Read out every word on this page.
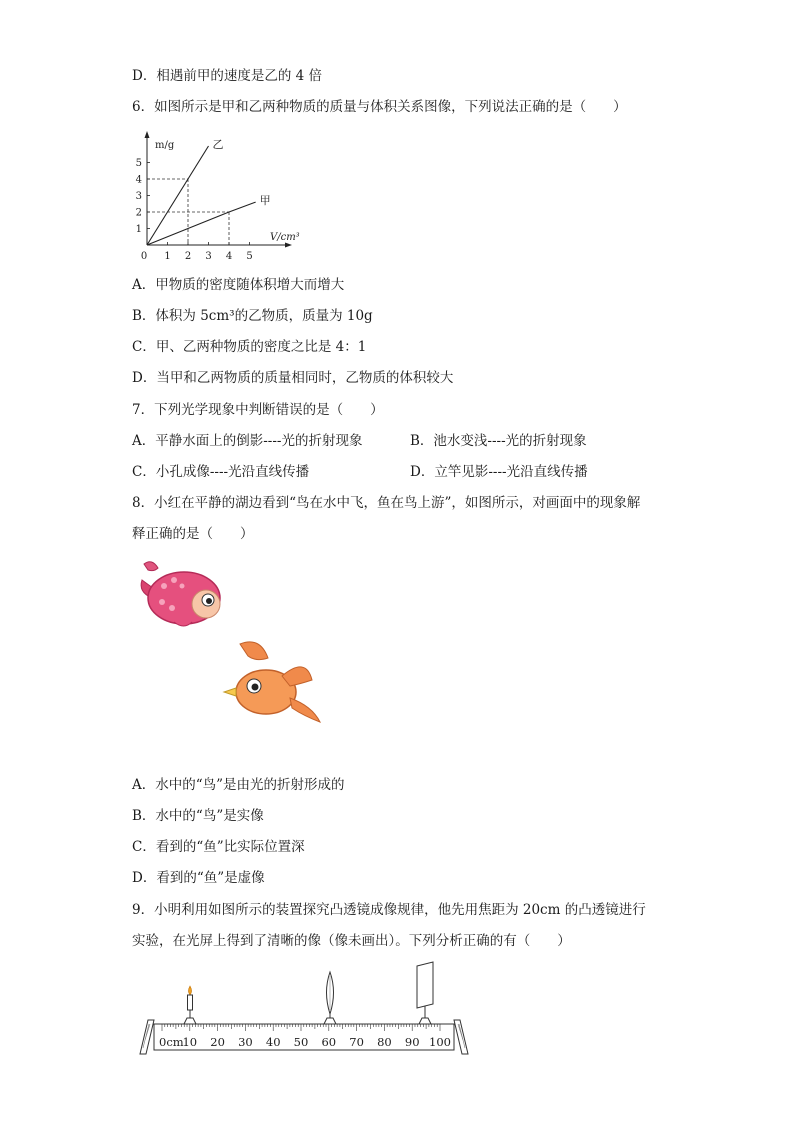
D．相遇前甲的速度是乙的 4 倍
6．如图所示是甲和乙两种物质的质量与体积关系图像，下列说法正确的是（　　）
m/g
V/cm³
乙
甲
0 1 2 3 4 5
1
2
3
4
5
A．甲物质的密度随体积增大而增大
B．体积为 5cm³的乙物质，质量为 10g
C．甲、乙两种物质的密度之比是 4：1
D．当甲和乙两物质的质量相同时，乙物质的体积较大
7．下列光学现象中判断错误的是（　　）
A．平静水面上的倒影----光的折射现象	B．池水变浅----光的折射现象
C．小孔成像----光沿直线传播	D．立竿见影----光沿直线传播
8．小红在平静的湖边看到“鸟在水中飞，鱼在鸟上游”，如图所示，对画面中的现象解
释正确的是（　　）
A．水中的“鸟”是由光的折射形成的
B．水中的“鸟”是实像
C．看到的“鱼”比实际位置深
D．看到的“鱼”是虚像
9．小明利用如图所示的装置探究凸透镜成像规律，他先用焦距为 20cm 的凸透镜进行
实验，在光屏上得到了清晰的像（像未画出）。下列分析正确的有（　　）
0cm
10 20 30 40 50 60 70 80 90 100
